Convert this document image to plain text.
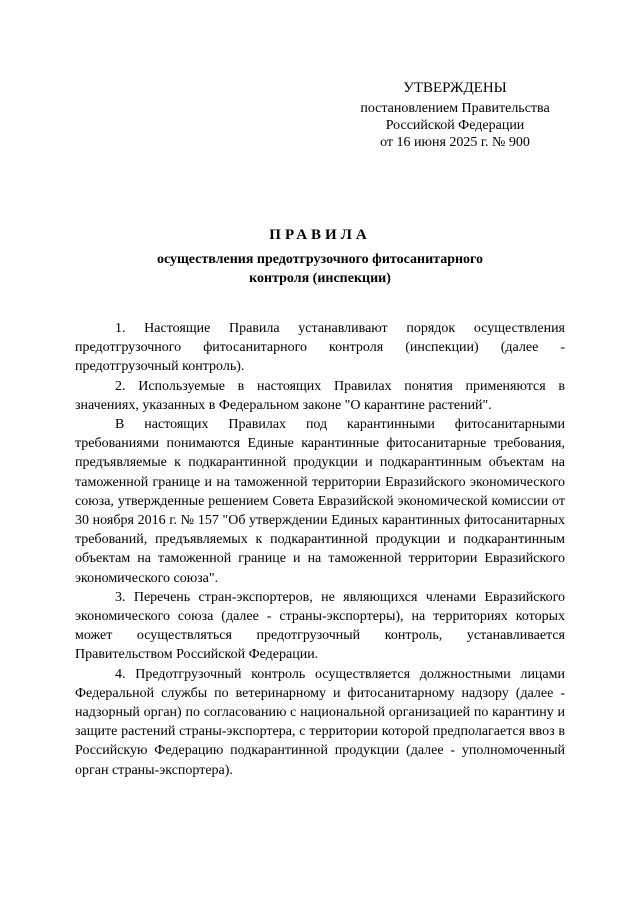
УТВЕРЖДЕНЫ
постановлением Правительства
Российской Федерации
от 16 июня 2025 г. № 900
ПРАВИЛА
осуществления предотгрузочного фитосанитарного
контроля (инспекции)

1. Настоящие Правила устанавливают порядок осуществления предотгрузочного фитосанитарного контроля (инспекции) (далее - предотгрузочный контроль).

2. Используемые в настоящих Правилах понятия применяются в значениях, указанных в Федеральном законе "О карантине растений".

В настоящих Правилах под карантинными фитосанитарными требованиями понимаются Единые карантинные фитосанитарные требования, предъявляемые к подкарантинной продукции и подкарантинным объектам на таможенной границе и на таможенной территории Евразийского экономического союза, утвержденные решением Совета Евразийской экономической комиссии от 30 ноября 2016 г. № 157 "Об утверждении Единых карантинных фитосанитарных требований, предъявляемых к подкарантинной продукции и подкарантинным объектам на таможенной границе и на таможенной территории Евразийского экономического союза".

3. Перечень стран-экспортеров, не являющихся членами Евразийского экономического союза (далее - страны-экспортеры), на территориях которых может осуществляться предотгрузочный контроль, устанавливается Правительством Российской Федерации.

4. Предотгрузочный контроль осуществляется должностными лицами Федеральной службы по ветеринарному и фитосанитарному надзору (далее - надзорный орган) по согласованию с национальной организацией по карантину и защите растений страны-экспортера, с территории которой предполагается ввоз в Российскую Федерацию подкарантинной продукции (далее - уполномоченный орган страны-экспортера).
